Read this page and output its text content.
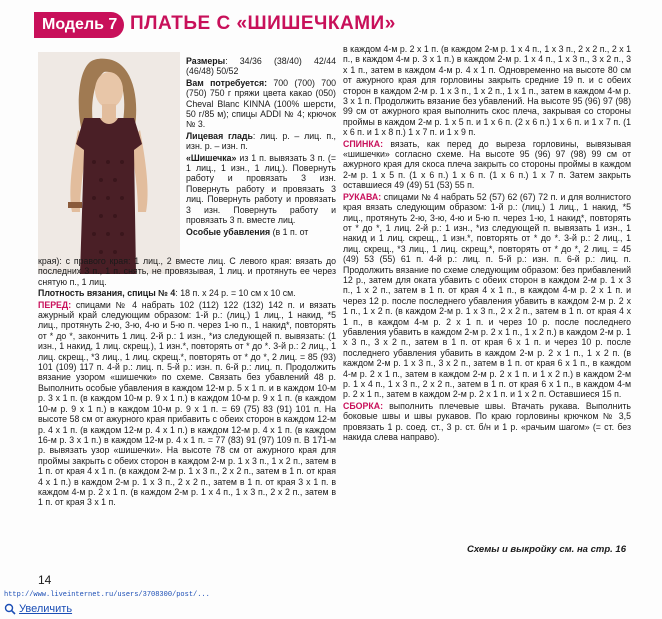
Модель 7 ПЛАТЬЕ С «ШИШЕЧКАМИ»

Размеры: 34/36 (38/40) 42/44 (46/48) 50/52

Вам потребуется: 700 (700) 700 (750) 750 г пряжи цвета какао (050) Cheval Blanc KINNA (100% шерсти, 50 г/85 м); спицы ADDI № 4; крючок № 3.

Лицевая гладь: лиц. р. – лиц. п., изн. р. – изн. п.

«Шишечка» из 1 п. вывязать 3 п. (= 1 лиц., 1 изн., 1 лиц.). Повернуть работу и провязать 3 изн. Повернуть работу и провязать 3 лиц. Повернуть работу и провязать 3 изн. Повернуть работу и провязать 3 п. вместе лиц.

Особые убавления (в 1 п. от

края): с правого края: 1 лиц., 2 вместе лиц. С левого края: вязать до последних 3 п., 1 п. снять, не провязывая, 1 лиц. и протянуть ее через снятую п., 1 лиц.

Плотность вязания, спицы № 4: 18 п. х 24 р. = 10 см х 10 см.

ПЕРЕД: спицами № 4 набрать 102 (112) 122 (132) 142 п. и вязать ажурный край следующим образом: 1-й р.: (лиц.) 1 лиц., 1 накид, *5 лиц., протянуть 2-ю, 3-ю, 4-ю и 5-ю п. через 1-ю п., 1 накид*, повторять от * до *, закончить 1 лиц. 2-й р.: 1 изн., *из следующей п. вывязать: (1 изн., 1 накид, 1 лиц. скрещ.), 1 изн.*, повторять от * до *. 3-й р.: 2 лиц., 1 лиц. скрещ., *3 лиц., 1 лиц. скрещ.*, повторять от * до *, 2 лиц. = 85 (93) 101 (109) 117 п. 4-й р.: лиц. п. 5-й р.: изн. п. 6-й р.: лиц. п. Продолжить вязание узором «шишечки» по схеме. Связать без убавлений 48 р. Выполнить особые убавления в каждом 12-м р. 5 х 1 п. и в каждом 10-м р. 3 х 1 п. (в каждом 10-м р. 9 х 1 п.) в каждом 10-м р. 9 х 1 п. (в каждом 10-м р. 9 х 1 п.) в каждом 10-м р. 9 х 1 п. = 69 (75) 83 (91) 101 п. На высоте 58 см от ажурного края прибавить с обеих сторон в каждом 12-м р. 4 х 1 п. (в каждом 12-м р. 4 х 1 п.) в каждом 12-м р. 4 х 1 п. (в каждом 16-м р. 3 х 1 п.) в каждом 12-м р. 4 х 1 п. = 77 (83) 91 (97) 109 п. В 171-м р. вывязать узор «шишечки». На высоте 78 см от ажурного края для проймы закрыть с обеих сторон в каждом 2-м р. 1 х 3 п., 1 х 2 п., затем в 1 п. от края 4 х 1 п. (в каждом 2-м р. 1 х 3 п., 2 х 2 п., затем в 1 п. от края 4 х 1 п.) в каждом 2-м р. 1 х 3 п., 2 х 2 п., затем в 1 п. от края 3 х 1 п. в каждом 4-м р. 2 х 1 п. (в каждом 2-м р. 1 х 4 п., 1 х 3 п., 2 х 2 п., затем в 1 п. от края 3 х 1 п.

в каждом 4-м р. 2 х 1 п. (в каждом 2-м р. 1 х 4 п., 1 х 3 п., 2 х 2 п., 2 х 1 п., в каждом 4-м р. 3 х 1 п.) в каждом 2-м р. 1 х 4 п., 1 х 3 п., 3 х 2 п., 3 х 1 п., затем в каждом 4-м р. 4 х 1 п. Одновременно на высоте 80 см от ажурного края для горловины закрыть средние 19 п. и с обеих сторон в каждом 2-м р. 1 х 3 п., 1 х 2 п., 1 х 1 п., затем в каждом 4-м р. 3 х 1 п. Продолжить вязание без убавлений. На высоте 95 (96) 97 (98) 99 см от ажурного края выполнить скос плеча, закрывая со стороны проймы в каждом 2-м р. 1 х 5 п. и 1 х 6 п. (2 х 6 п.) 1 х 6 п. и 1 х 7 п. (1 х 6 п. и 1 х 8 п.) 1 х 7 п. и 1 х 9 п.

СПИНКА: вязать, как перед до выреза горловины, вывязывая «шишечки» согласно схеме. На высоте 95 (96) 97 (98) 99 см от ажурного края для скоса плеча закрыть со стороны проймы в каждом 2-м р. 1 х 5 п. (1 х 6 п.) 1 х 6 п. (1 х 6 п.) 1 х 7 п. Затем закрыть оставшиеся 49 (49) 51 (53) 55 п.

РУКАВА: спицами № 4 набрать 52 (57) 62 (67) 72 п. и для волнистого края вязать следующим образом: 1-й р.: (лиц.) 1 лиц., 1 накид, *5 лиц., протянуть 2-ю, 3-ю, 4-ю и 5-ю п. через 1-ю, 1 накид*, повторять от * до *, 1 лиц. 2-й р.: 1 изн., *из следующей п. вывязать 1 изн., 1 накид и 1 лиц. скрещ., 1 изн.*, повторять от * до *. 3-й р.: 2 лиц., 1 лиц. скрещ., *3 лиц., 1 лиц. скрещ.*, повторять от * до *, 2 лиц. = 45 (49) 53 (55) 61 п. 4-й р.: лиц. п. 5-й р.: изн. п. 6-й р.: лиц. п. Продолжить вязание по схеме следующим образом: без прибавлений 12 р., затем для оката убавить с обеих сторон в каждом 2-м р. 1 х 3 п., 1 х 2 п., затем в 1 п. от края 4 х 1 п., в каждом 4-м р. 2 х 1 п. и через 12 р. после последнего убавления убавить в каждом 2-м р. 2 х 1 п., 1 х 2 п. (в каждом 2-м р. 1 х 3 п., 2 х 2 п., затем в 1 п. от края 4 х 1 п., в каждом 4-м р. 2 х 1 п. и через 10 р. после последнего убавления убавить в каждом 2-м р. 2 х 1 п., 1 х 2 п.) в каждом 2-м р. 1 х 3 п., 3 х 2 п., затем в 1 п. от края 6 х 1 п. и через 10 р. после последнего убавления убавить в каждом 2-м р. 2 х 1 п., 1 х 2 п. (в каждом 2-м р. 1 х 3 п., 3 х 2 п., затем в 1 п. от края 6 х 1 п., в каждом 4-м р. 2 х 1 п., затем в каждом 2-м р. 2 х 1 п. и 1 х 2 п.) в каждом 2-м р. 1 х 4 п., 1 х 3 п., 2 х 2 п., затем в 1 п. от края 6 х 1 п., в каждом 4-м р. 2 х 1 п., затем в каждом 2-м р. 2 х 1 п. и 1 х 2 п. Оставшиеся 15 п.

СБОРКА: выполнить плечевые швы. Втачать рукава. Выполнить боковые швы и швы рукавов. По краю горловины крючком № 3,5 провязать 1 р. соед. ст., 3 р. ст. б/н и 1 р. «рачьим шагом» (= ст. без накида слева направо).

Схемы и выкройку см. на стр. 16
14
http://www.liveinternet.ru/users/3708300/post/...
Увеличить
